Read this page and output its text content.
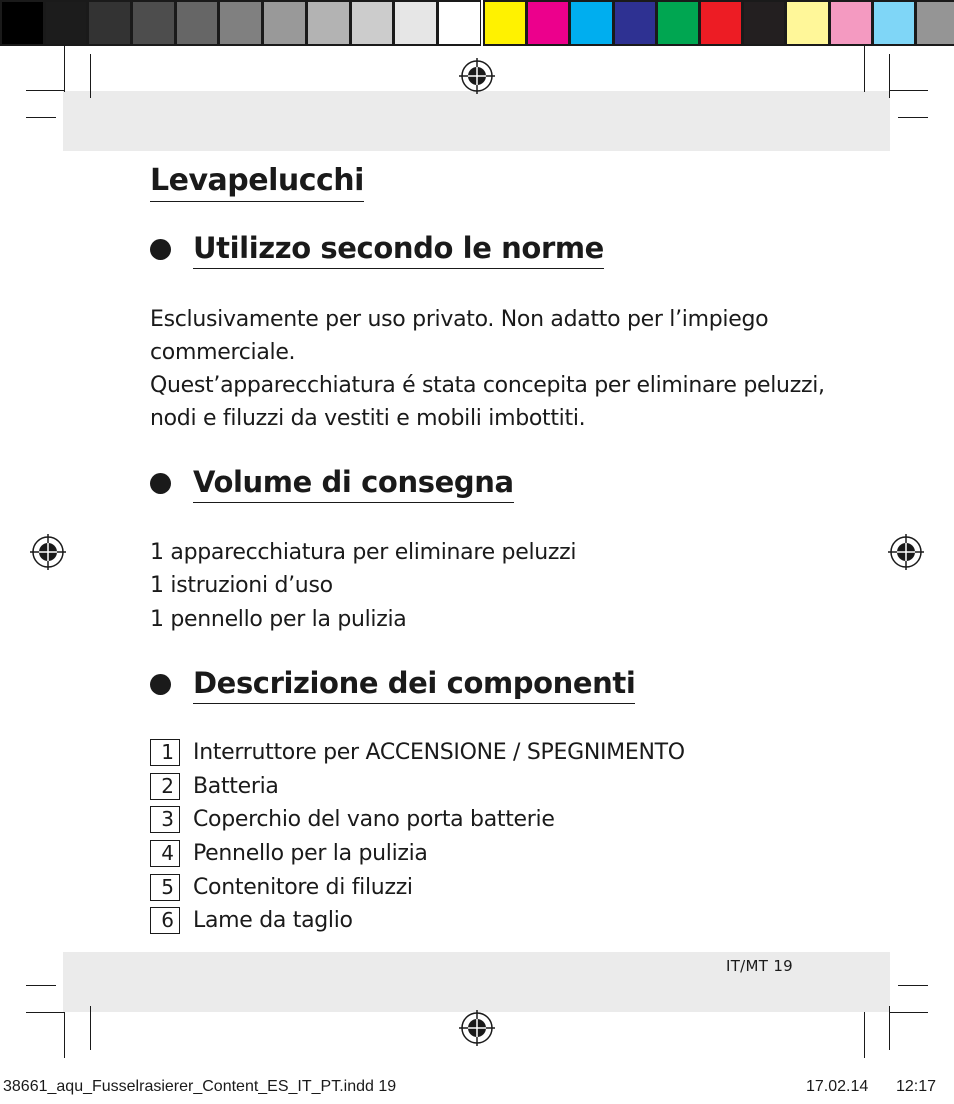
Levapelucchi
Utilizzo secondo le norme

Esclusivamente per uso privato. Non adatto per l’impiego

commerciale.

Quest’apparecchiatura é stata concepita per eliminare peluzzi,

nodi e filuzzi da vestiti e mobili imbottiti.

Volume di consegna

1 apparecchiatura per eliminare peluzzi

1 istruzioni d’uso

1 pennello per la pulizia

Descrizione dei componenti
1 Interruttore per ACCENSIONE / SPEGNIMENTO
2 Batteria
3 Coperchio del vano porta batterie
4 Pennello per la pulizia
5 Contenitore di filuzzi
6 Lame da taglio
IT/MT 19
38661_aqu_Fusselrasierer_Content_ES_IT_PT.indd 19	17.02.14 12:17
